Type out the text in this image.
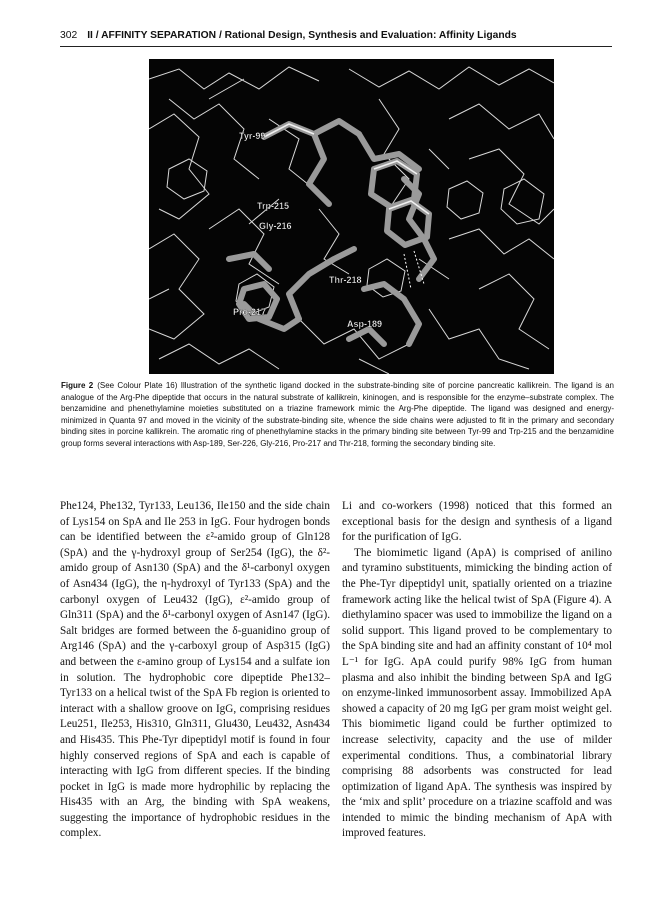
302 II / AFFINITY SEPARATION / Rational Design, Synthesis and Evaluation: Affinity Ligands
Tyr-99
Trp-215
Gly-216
Thr-218
Pro-217
Asp-189
Figure 2 (See Colour Plate 16) Illustration of the synthetic ligand docked in the substrate-binding site of porcine pancreatic kallikrein. The ligand is an analogue of the Arg-Phe dipeptide that occurs in the natural substrate of kallikrein, kininogen, and is responsible for the enzyme–substrate complex. The benzamidine and phenethylamine moieties substituted on a triazine framework mimic the Arg-Phe dipeptide. The ligand was designed and energy-minimized in Quanta 97 and moved in the vicinity of the substrate-binding site, whence the side chains were adjusted to fit in the primary and secondary binding sites in porcine kallikrein. The aromatic ring of phenethylamine stacks in the primary binding site between Tyr-99 and Trp-215 and the benzamidine group forms several interactions with Asp-189, Ser-226, Gly-216, Pro-217 and Thr-218, forming the secondary binding site.

Phe124, Phe132, Tyr133, Leu136, Ile150 and the side chain of Lys154 on SpA and Ile 253 in IgG. Four hydrogen bonds can be identified between the ε²-amido group of Gln128 (SpA) and the γ-hydroxyl group of Ser254 (IgG), the δ²-amido group of Asn130 (SpA) and the δ¹-carbonyl oxygen of Asn434 (IgG), the η-hydroxyl of Tyr133 (SpA) and the carbonyl oxygen of Leu432 (IgG), ε²-amido group of Gln311 (SpA) and the δ¹-carbonyl oxygen of Asn147 (IgG). Salt bridges are formed between the δ-guanidino group of Arg146 (SpA) and the γ-carboxyl group of Asp315 (IgG) and between the ε-amino group of Lys154 and a sulfate ion in solution. The hydrophobic core dipeptide Phe132–Tyr133 on a helical twist of the SpA Fb region is oriented to interact with a shallow groove on IgG, comprising residues Leu251, Ile253, His310, Gln311, Glu430, Leu432, Asn434 and His435. This Phe-Tyr dipeptidyl motif is found in four highly conserved regions of SpA and each is capable of interacting with IgG from different species. If the binding pocket in IgG is made more hydrophilic by replacing the His435 with an Arg, the binding with SpA weakens, suggesting the importance of hydrophobic residues in the complex.

Li and co-workers (1998) noticed that this formed an exceptional basis for the design and synthesis of a ligand for the purification of IgG.

The biomimetic ligand (ApA) is comprised of anilino and tyramino substituents, mimicking the binding action of the Phe-Tyr dipeptidyl unit, spatially oriented on a triazine framework acting like the helical twist of SpA (Figure 4). A diethylamino spacer was used to immobilize the ligand on a solid support. This ligand proved to be complementary to the SpA binding site and had an affinity constant of 10⁴ mol L⁻¹ for IgG. ApA could purify 98% IgG from human plasma and also inhibit the binding between SpA and IgG on enzyme-linked immunosorbent assay. Immobilized ApA showed a capacity of 20 mg IgG per gram moist weight gel. This biomimetic ligand could be further optimized to increase selectivity, capacity and the use of milder experimental conditions. Thus, a combinatorial library comprising 88 adsorbents was constructed for lead optimization of ligand ApA. The synthesis was inspired by the ‘mix and split’ procedure on a triazine scaffold and was intended to mimic the binding mechanism of ApA with improved features.
